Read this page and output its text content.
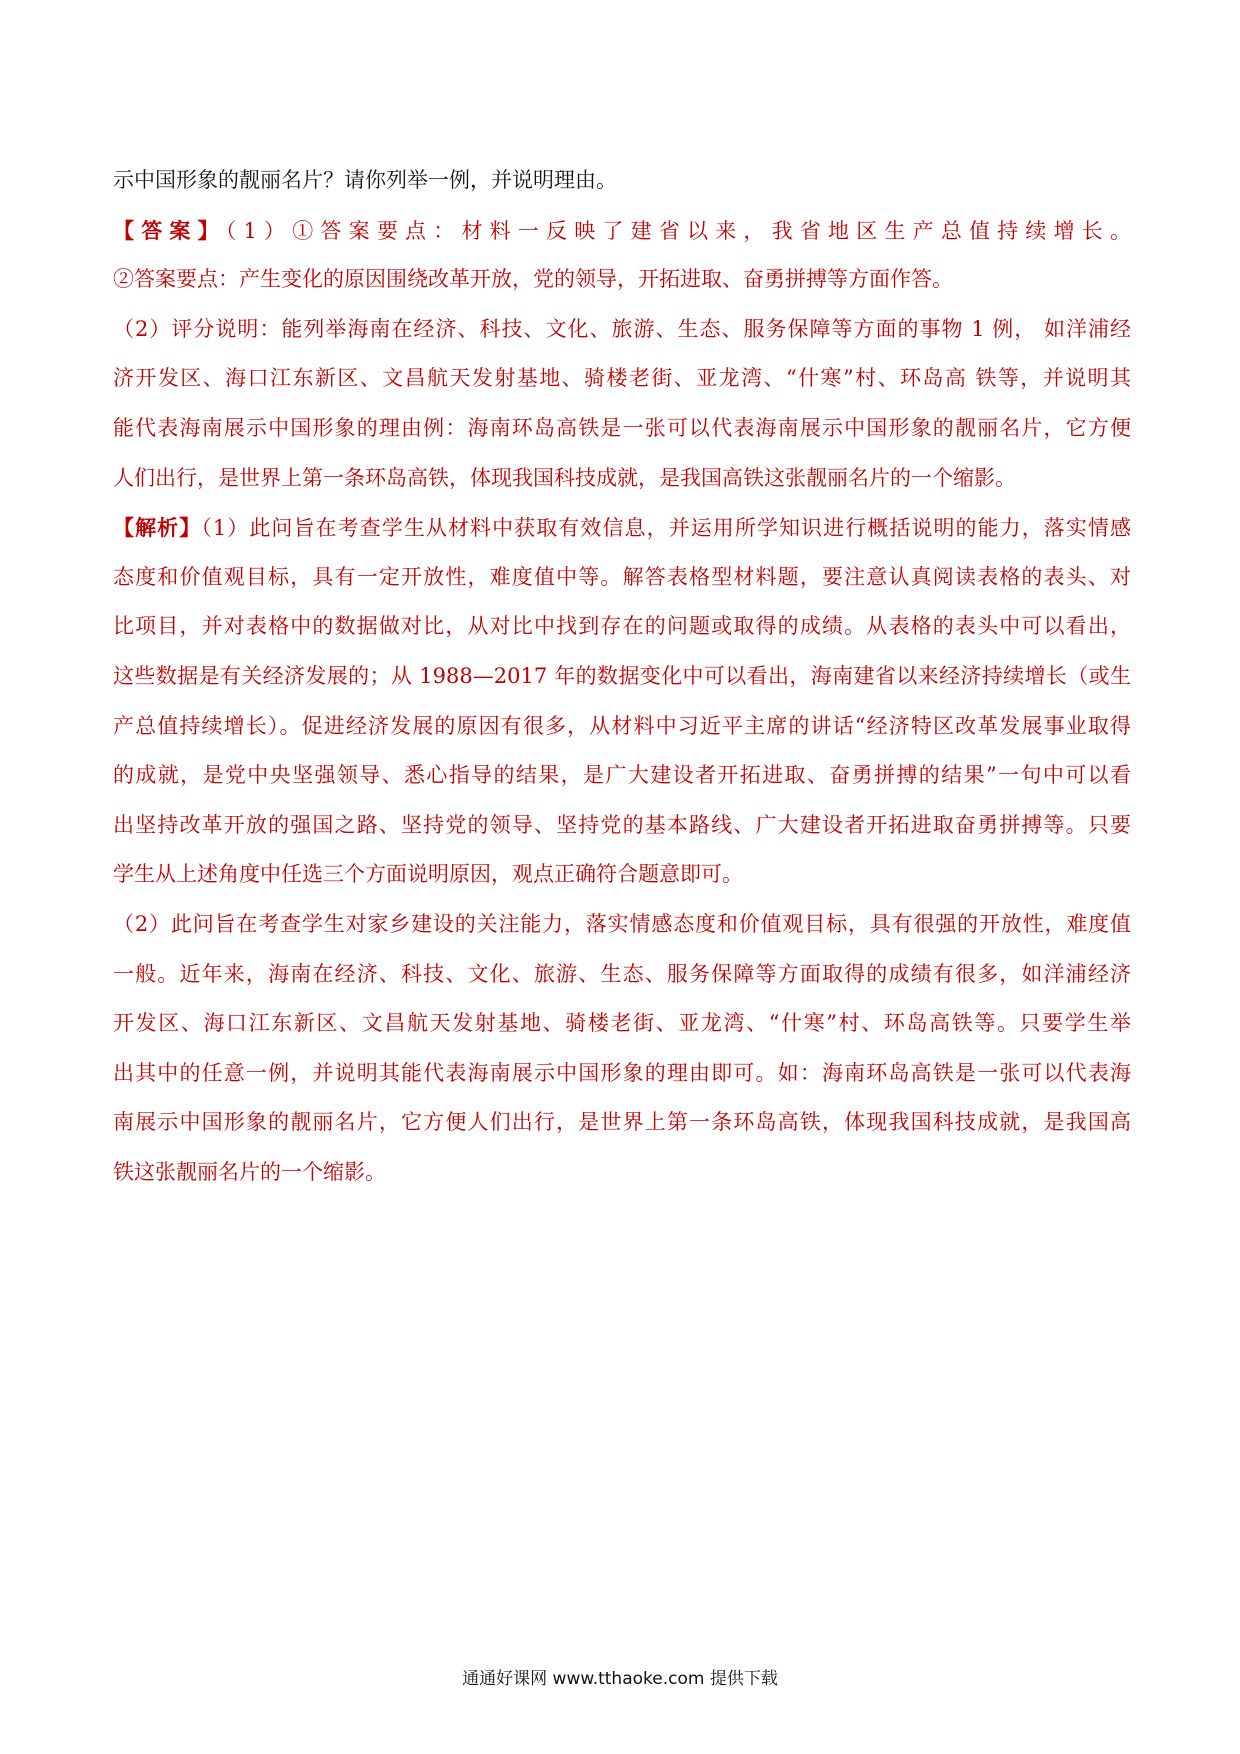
示中国形象的靓丽名片？请你列举一例，并说明理由。
【答案】（1）①答案要点：材料一反映了建省以来，我省地区生产总值持续增长。
②答案要点：产生变化的原因围绕改革开放，党的领导，开拓进取、奋勇拼搏等方面作答。
（2）评分说明：能列举海南在经济、科技、文化、旅游、生态、服务保障等方面的事物 1 例， 如洋浦经
济开发区、海口江东新区、文昌航天发射基地、骑楼老街、亚龙湾、“什寒”村、环岛高 铁等，并说明其
能代表海南展示中国形象的理由例：海南环岛高铁是一张可以代表海南展示中国形象的靓丽名片，它方便
人们出行，是世界上第一条环岛高铁，体现我国科技成就，是我国高铁这张靓丽名片的一个缩影。
【解析】（1）此问旨在考查学生从材料中获取有效信息，并运用所学知识进行概括说明的能力，落实情感
态度和价值观目标，具有一定开放性，难度值中等。解答表格型材料题，要注意认真阅读表格的表头、对
比项目，并对表格中的数据做对比，从对比中找到存在的问题或取得的成绩。从表格的表头中可以看出，
这些数据是有关经济发展的；从 1988—2017 年的数据变化中可以看出，海南建省以来经济持续增长（或生
产总值持续增长）。促进经济发展的原因有很多，从材料中习近平主席的讲话“经济特区改革发展事业取得
的成就，是党中央坚强领导、悉心指导的结果，是广大建设者开拓进取、奋勇拼搏的结果”一句中可以看
出坚持改革开放的强国之路、坚持党的领导、坚持党的基本路线、广大建设者开拓进取奋勇拼搏等。只要
学生从上述角度中任选三个方面说明原因，观点正确符合题意即可。
（2）此问旨在考查学生对家乡建设的关注能力，落实情感态度和价值观目标，具有很强的开放性，难度值
一般。近年来，海南在经济、科技、文化、旅游、生态、服务保障等方面取得的成绩有很多，如洋浦经济
开发区、海口江东新区、文昌航天发射基地、骑楼老街、亚龙湾、“什寒”村、环岛高铁等。只要学生举
出其中的任意一例，并说明其能代表海南展示中国形象的理由即可。如：海南环岛高铁是一张可以代表海
南展示中国形象的靓丽名片，它方便人们出行，是世界上第一条环岛高铁，体现我国科技成就，是我国高
铁这张靓丽名片的一个缩影。
通通好课网 www.tthaoke.com 提供下载
